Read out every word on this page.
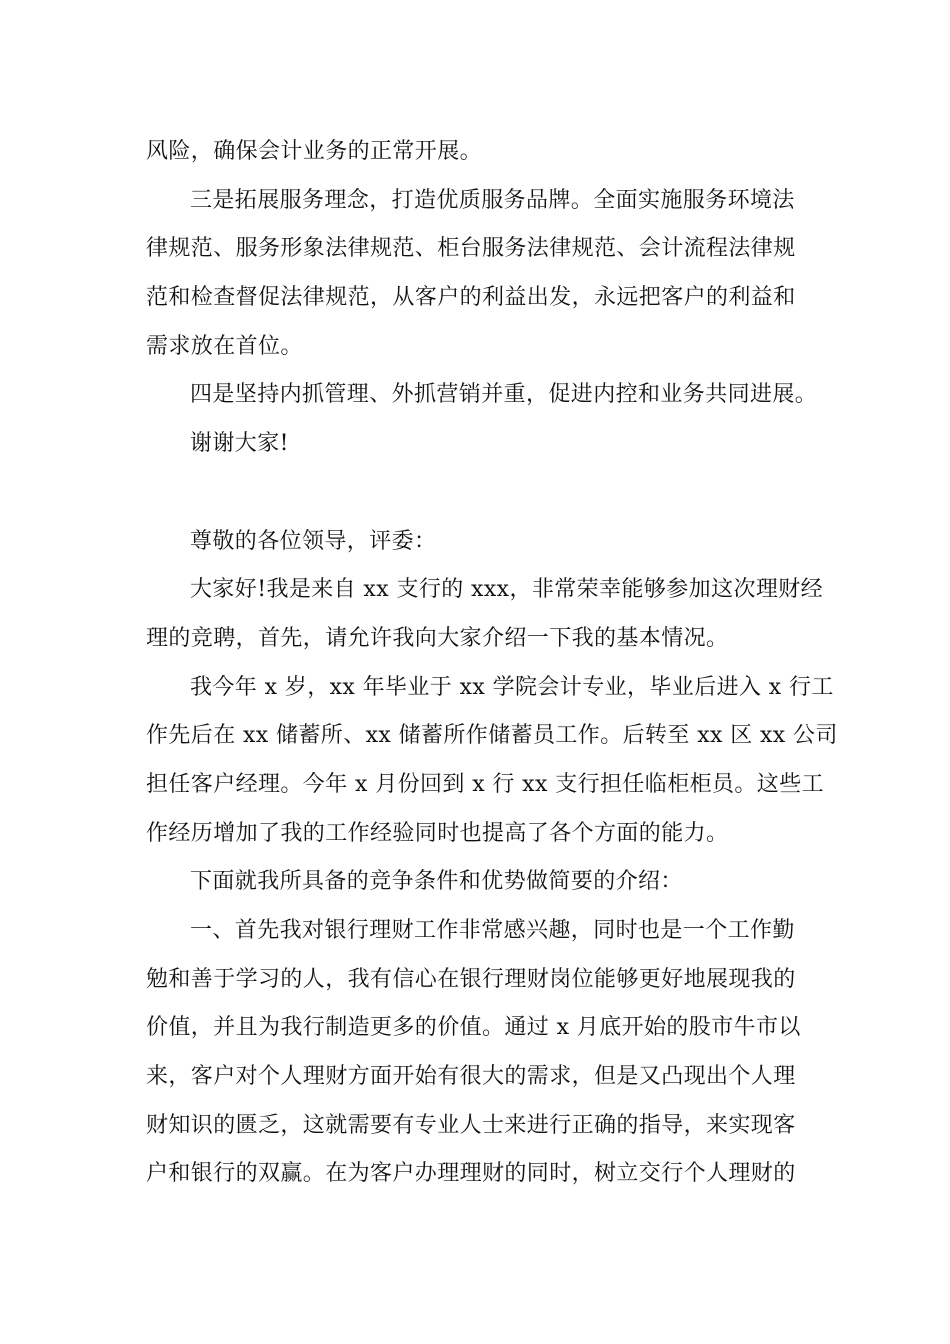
风险，确保会计业务的正常开展。
三是拓展服务理念，打造优质服务品牌。全面实施服务环境法
律规范、服务形象法律规范、柜台服务法律规范、会计流程法律规
范和检查督促法律规范，从客户的利益出发，永远把客户的利益和
需求放在首位。
四是坚持内抓管理、外抓营销并重，促进内控和业务共同进展。
谢谢大家!
尊敬的各位领导，评委：
大家好!我是来自 xx 支行的 xxx，非常荣幸能够参加这次理财经
理的竞聘，首先，请允许我向大家介绍一下我的基本情况。
我今年 x 岁，xx 年毕业于 xx 学院会计专业，毕业后进入 x 行工
作先后在 xx 储蓄所、xx 储蓄所作储蓄员工作。后转至 xx 区 xx 公司
担任客户经理。今年 x 月份回到 x 行 xx 支行担任临柜柜员。这些工
作经历增加了我的工作经验同时也提高了各个方面的能力。
下面就我所具备的竞争条件和优势做简要的介绍：
一、首先我对银行理财工作非常感兴趣，同时也是一个工作勤
勉和善于学习的人，我有信心在银行理财岗位能够更好地展现我的
价值，并且为我行制造更多的价值。通过 x 月底开始的股市牛市以
来，客户对个人理财方面开始有很大的需求，但是又凸现出个人理
财知识的匮乏，这就需要有专业人士来进行正确的指导，来实现客
户和银行的双赢。在为客户办理理财的同时，树立交行个人理财的
